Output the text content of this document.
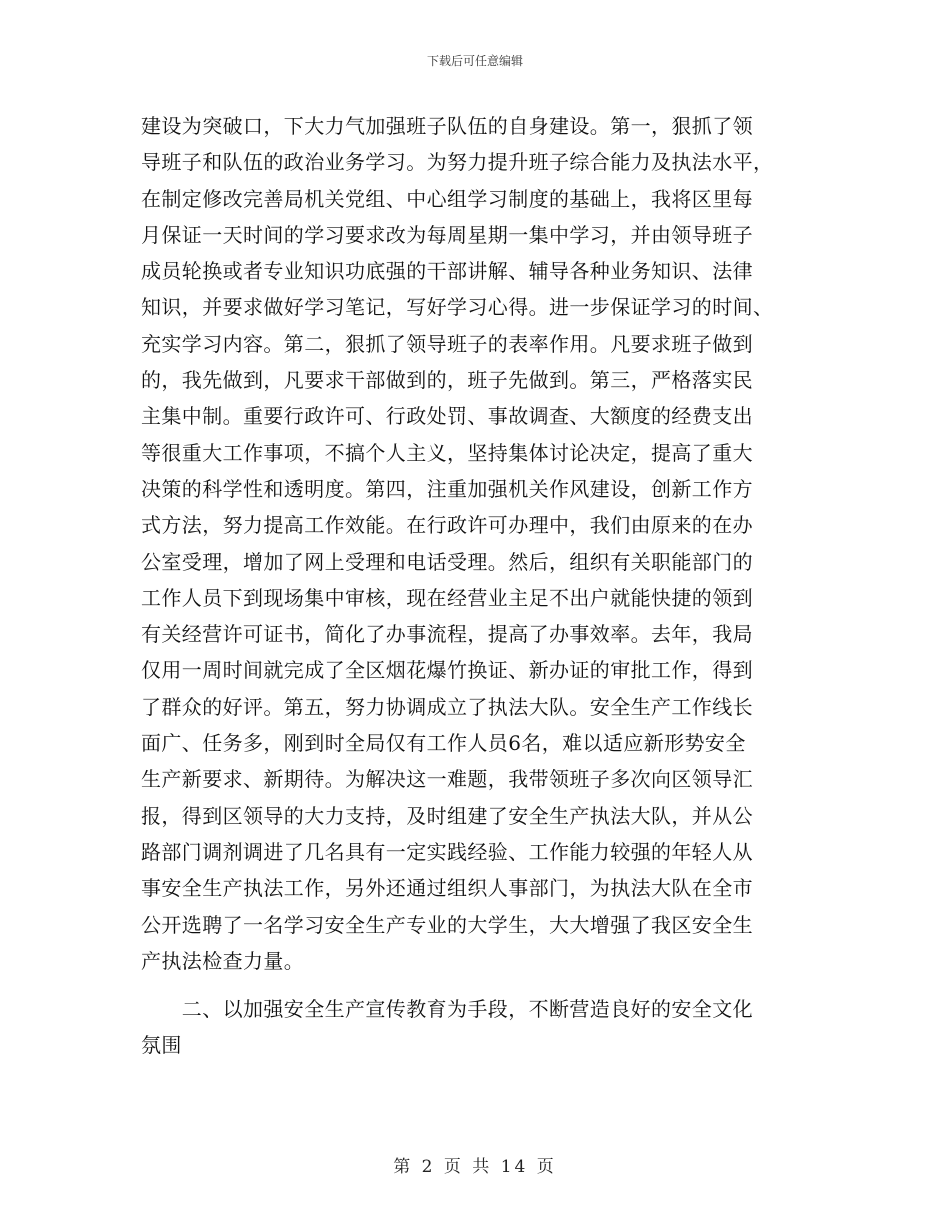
下载后可任意编辑
建设为突破口，下大力气加强班子队伍的自身建设。第一，狠抓了领
导班子和队伍的政治业务学习。为努力提升班子综合能力及执法水平，
在制定修改完善局机关党组、中心组学习制度的基础上，我将区里每
月保证一天时间的学习要求改为每周星期一集中学习，并由领导班子
成员轮换或者专业知识功底强的干部讲解、辅导各种业务知识、法律
知识，并要求做好学习笔记，写好学习心得。进一步保证学习的时间、
充实学习内容。第二，狠抓了领导班子的表率作用。凡要求班子做到
的，我先做到，凡要求干部做到的，班子先做到。第三，严格落实民
主集中制。重要行政许可、行政处罚、事故调查、大额度的经费支出
等很重大工作事项，不搞个人主义，坚持集体讨论决定，提高了重大
决策的科学性和透明度。第四，注重加强机关作风建设，创新工作方
式方法，努力提高工作效能。在行政许可办理中，我们由原来的在办
公室受理，增加了网上受理和电话受理。然后，组织有关职能部门的
工作人员下到现场集中审核，现在经营业主足不出户就能快捷的领到
有关经营许可证书，简化了办事流程，提高了办事效率。去年，我局
仅用一周时间就完成了全区烟花爆竹换证、新办证的审批工作，得到
了群众的好评。第五，努力协调成立了执法大队。安全生产工作线长
面广、任务多，刚到时全局仅有工作人员6名，难以适应新形势安全
生产新要求、新期待。为解决这一难题，我带领班子多次向区领导汇
报，得到区领导的大力支持，及时组建了安全生产执法大队，并从公
路部门调剂调进了几名具有一定实践经验、工作能力较强的年轻人从
事安全生产执法工作，另外还通过组织人事部门，为执法大队在全市
公开选聘了一名学习安全生产专业的大学生，大大增强了我区安全生
产执法检查力量。
　　二、以加强安全生产宣传教育为手段，不断营造良好的安全文化
氛围
第 2 页 共 14 页
